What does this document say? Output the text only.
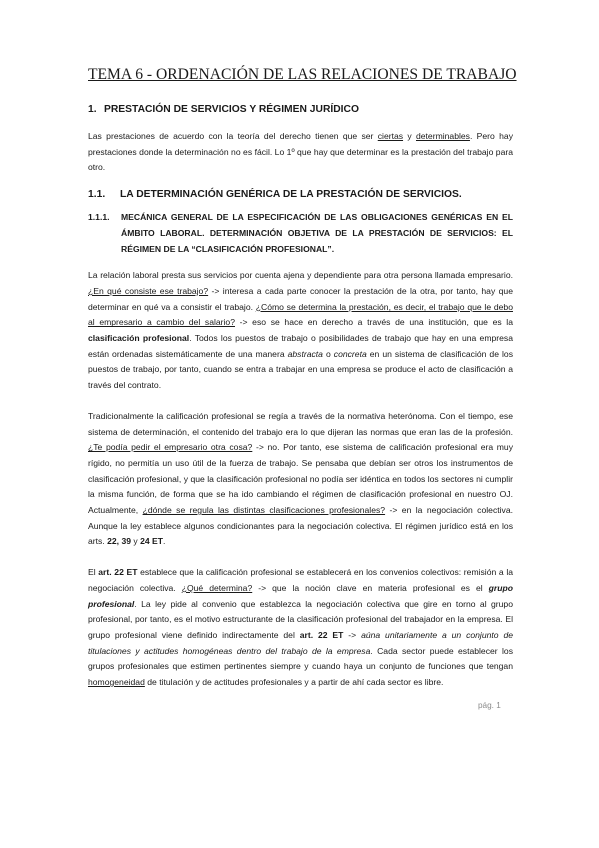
TEMA 6 - ORDENACIÓN DE LAS RELACIONES DE TRABAJO
1. PRESTACIÓN DE SERVICIOS Y RÉGIMEN JURÍDICO

Las prestaciones de acuerdo con la teoría del derecho tienen que ser ciertas y determinables. Pero hay prestaciones donde la determinación no es fácil. Lo 1º que hay que determinar es la prestación del trabajo para otro.

1.1.	LA DETERMINACIÓN GENÉRICA DE LA PRESTACIÓN DE SERVICIOS.
1.1.1.	MECÁNICA GENERAL DE LA ESPECIFICACIÓN DE LAS OBLIGACIONES GENÉRICAS EN EL ÁMBITO LABORAL. DETERMINACIÓN OBJETIVA DE LA PRESTACIÓN DE SERVICIOS: EL RÉGIMEN DE LA “CLASIFICACIÓN PROFESIONAL”.

La relación laboral presta sus servicios por cuenta ajena y dependiente para otra persona llamada empresario. ¿En qué consiste ese trabajo? -> interesa a cada parte conocer la prestación de la otra, por tanto, hay que determinar en qué va a consistir el trabajo. ¿Cómo se determina la prestación, es decir, el trabajo que le debo al empresario a cambio del salario? -> eso se hace en derecho a través de una institución, que es la clasificación profesional. Todos los puestos de trabajo o posibilidades de trabajo que hay en una empresa están ordenadas sistemáticamente de una manera abstracta o concreta en un sistema de clasificación de los puestos de trabajo, por tanto, cuando se entra a trabajar en una empresa se produce el acto de clasificación a través del contrato.

Tradicionalmente la calificación profesional se regía a través de la normativa heterónoma. Con el tiempo, ese sistema de determinación, el contenido del trabajo era lo que dijeran las normas que eran las de la profesión. ¿Te podía pedir el empresario otra cosa? -> no. Por tanto, ese sistema de calificación profesional era muy rígido, no permitía un uso útil de la fuerza de trabajo. Se pensaba que debían ser otros los instrumentos de clasificación profesional, y que la clasificación profesional no podía ser idéntica en todos los sectores ni cumplir la misma función, de forma que se ha ido cambiando el régimen de clasificación profesional en nuestro OJ. Actualmente, ¿dónde se regula las distintas clasificaciones profesionales? -> en la negociación colectiva. Aunque la ley establece algunos condicionantes para la negociación colectiva. El régimen jurídico está en los arts. 22, 39 y 24 ET.

El art. 22 ET establece que la calificación profesional se establecerá en los convenios colectivos: remisión a la negociación colectiva. ¿Qué determina? -> que la noción clave en materia profesional es el grupo profesional. La ley pide al convenio que establezca la negociación colectiva que gire en torno al grupo profesional, por tanto, es el motivo estructurante de la clasificación profesional del trabajador en la empresa. El grupo profesional viene definido indirectamente del art. 22 ET -> aúna unitariamente a un conjunto de titulaciones y actitudes homogéneas dentro del trabajo de la empresa. Cada sector puede establecer los grupos profesionales que estimen pertinentes siempre y cuando haya un conjunto de funciones que tengan homogeneidad de titulación y de actitudes profesionales y a partir de ahí cada sector es libre.

pág. 1
